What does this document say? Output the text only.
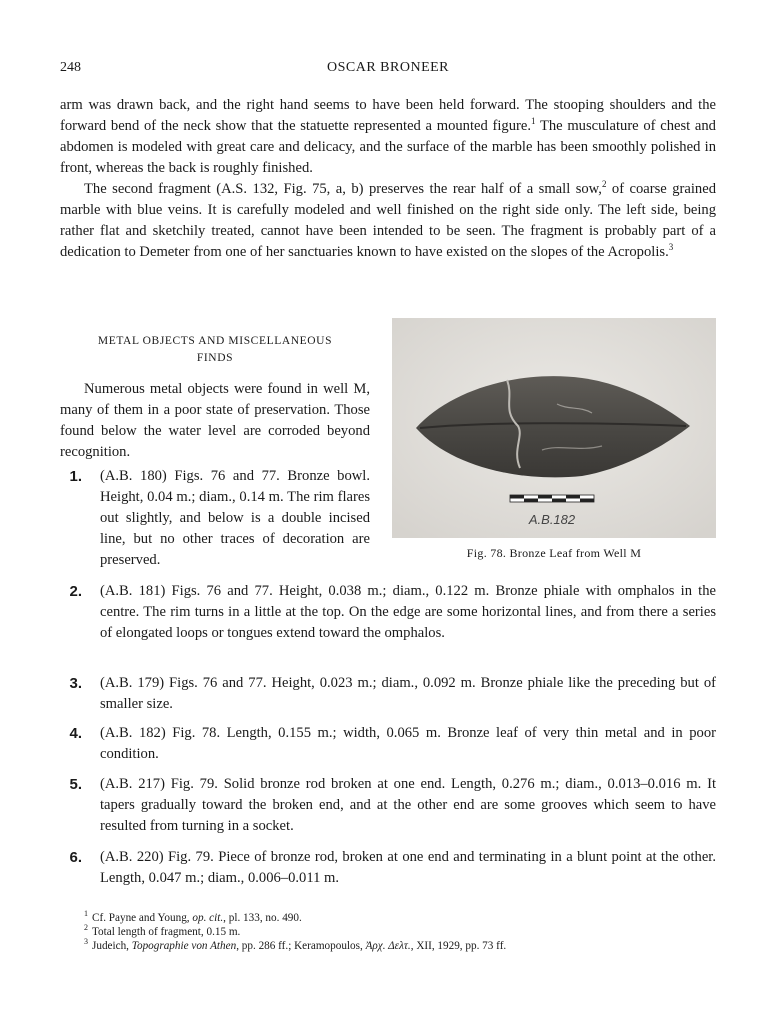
248	OSCAR BRONEER

arm was drawn back, and the right hand seems to have been held forward. The stooping shoulders and the forward bend of the neck show that the statuette represented a mounted figure.$^1$ The musculature of chest and abdomen is modeled with great care and delicacy, and the surface of the marble has been smoothly polished in front, whereas the back is roughly finished.

The second fragment (A.S. 132, Fig. 75, a, b) preserves the rear half of a small sow,$^2$ of coarse grained marble with blue veins. It is carefully modeled and well finished on the right side only. The left side, being rather flat and sketchily treated, cannot have been intended to be seen. The fragment is probably part of a dedication to Demeter from one of her sanctuaries known to have existed on the slopes of the Acropolis.$^3$

METAL OBJECTS AND MISCELLANEOUS
FINDS

Numerous metal objects were found in well M, many of them in a poor state of preservation. Those found below the water level are corroded beyond recognition.

A.B.182
Fig. 78. Bronze Leaf from Well M
1. (A.B. 180) Figs. 76 and 77. Bronze bowl. Height, 0.04 m.; diam., 0.14 m. The rim flares out slightly, and below is a double incised line, but no other traces of decoration are preserved.
2. (A.B. 181) Figs. 76 and 77. Height, 0.038 m.; diam., 0.122 m. Bronze phiale with omphalos in the centre. The rim turns in a little at the top. On the edge are some horizontal lines, and from there a series of elongated loops or tongues extend toward the omphalos.
3. (A.B. 179) Figs. 76 and 77. Height, 0.023 m.; diam., 0.092 m. Bronze phiale like the preceding but of smaller size.
4. (A.B. 182) Fig. 78. Length, 0.155 m.; width, 0.065 m. Bronze leaf of very thin metal and in poor condition.
5. (A.B. 217) Fig. 79. Solid bronze rod broken at one end. Length, 0.276 m.; diam., 0.013–0.016 m. It tapers gradually toward the broken end, and at the other end are some grooves which seem to have resulted from turning in a socket.
6. (A.B. 220) Fig. 79. Piece of bronze rod, broken at one end and terminating in a blunt point at the other. Length, 0.047 m.; diam., 0.006–0.011 m.
$^1$ Cf. Payne and Young, op. cit., pl. 133, no. 490.
$^2$ Total length of fragment, 0.15 m.
$^3$ Judeich, Topographie von Athen, pp. 286 ff.; Keramopoulos, Ἀρχ. Δελτ., XII, 1929, pp. 73 ff.
